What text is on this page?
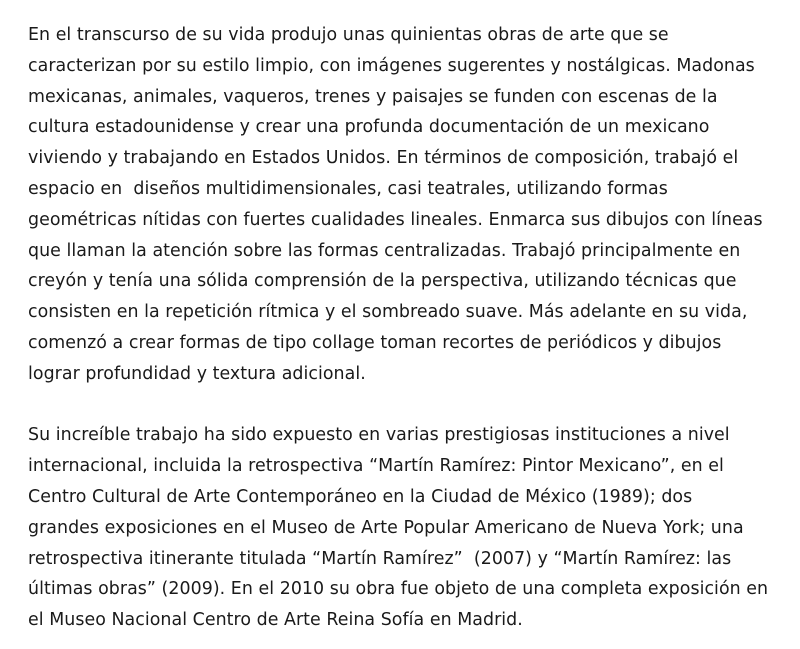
En el transcurso de su vida produjo unas quinientas obras de arte que se
caracterizan por su estilo limpio, con imágenes sugerentes y nostálgicas. Madonas
mexicanas, animales, vaqueros, trenes y paisajes se funden con escenas de la
cultura estadounidense y crear una profunda documentación de un mexicano
viviendo y trabajando en Estados Unidos. En términos de composición, trabajó el
espacio en  diseños multidimensionales, casi teatrales, utilizando formas
geométricas nítidas con fuertes cualidades lineales. Enmarca sus dibujos con líneas
que llaman la atención sobre las formas centralizadas. Trabajó principalmente en
creyón y tenía una sólida comprensión de la perspectiva, utilizando técnicas que
consisten en la repetición rítmica y el sombreado suave. Más adelante en su vida,
comenzó a crear formas de tipo collage toman recortes de periódicos y dibujos
lograr profundidad y textura adicional.

Su increíble trabajo ha sido expuesto en varias prestigiosas instituciones a nivel
internacional, incluida la retrospectiva “Martín Ramírez: Pintor Mexicano”, en el
Centro Cultural de Arte Contemporáneo en la Ciudad de México (1989); dos
grandes exposiciones en el Museo de Arte Popular Americano de Nueva York; una
retrospectiva itinerante titulada “Martín Ramírez”  (2007) y “Martín Ramírez: las
últimas obras” (2009). En el 2010 su obra fue objeto de una completa exposición en
el Museo Nacional Centro de Arte Reina Sofía en Madrid.
